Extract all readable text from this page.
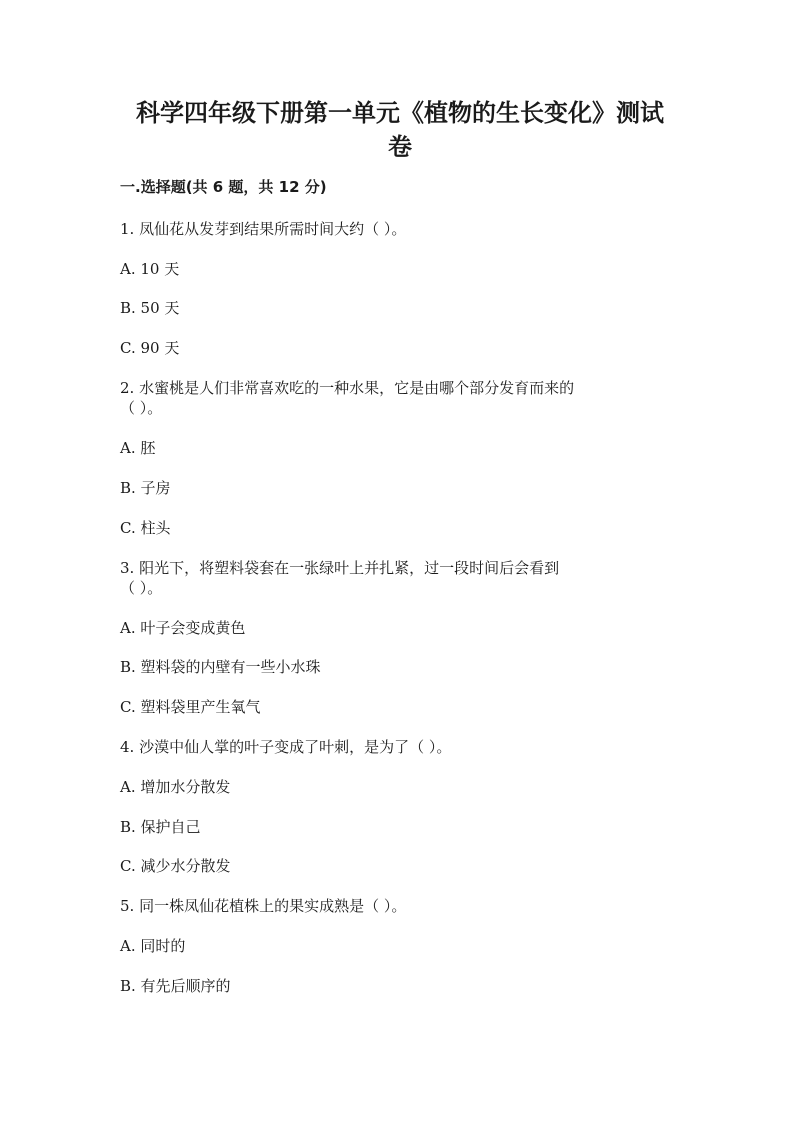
科学四年级下册第一单元《植物的生长变化》测试
卷
一.选择题(共 6 题，共 12 分)
1. 凤仙花从发芽到结果所需时间大约（ ）。
A. 10 天
B. 50 天
C. 90 天
2. 水蜜桃是人们非常喜欢吃的一种水果，它是由哪个部分发育而来的
（ ）。
A. 胚
B. 子房
C. 柱头
3. 阳光下，将塑料袋套在一张绿叶上并扎紧，过一段时间后会看到
（ ）。
A. 叶子会变成黄色
B. 塑料袋的内壁有一些小水珠
C. 塑料袋里产生氧气
4. 沙漠中仙人掌的叶子变成了叶刺，是为了（ ）。
A. 增加水分散发
B. 保护自己
C. 减少水分散发
5. 同一株凤仙花植株上的果实成熟是（ ）。
A. 同时的
B. 有先后顺序的
